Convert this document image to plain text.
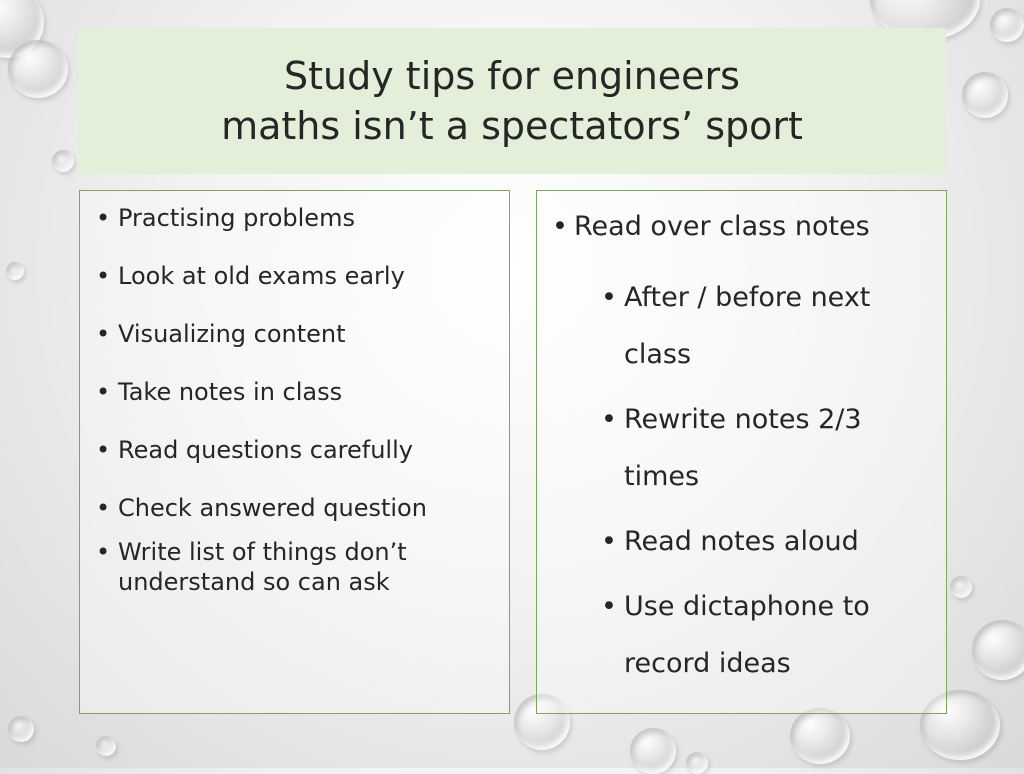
Study tips for engineers
maths isn’t a spectators’ sport
• Practising problems
• Look at old exams early
• Visualizing content
• Take notes in class
• Read questions carefully
• Check answered question
• Write list of things don’t understand so can ask
• Read over class notes
• After / before next class
• Rewrite notes 2/3 times
• Read notes aloud
• Use dictaphone to record ideas
